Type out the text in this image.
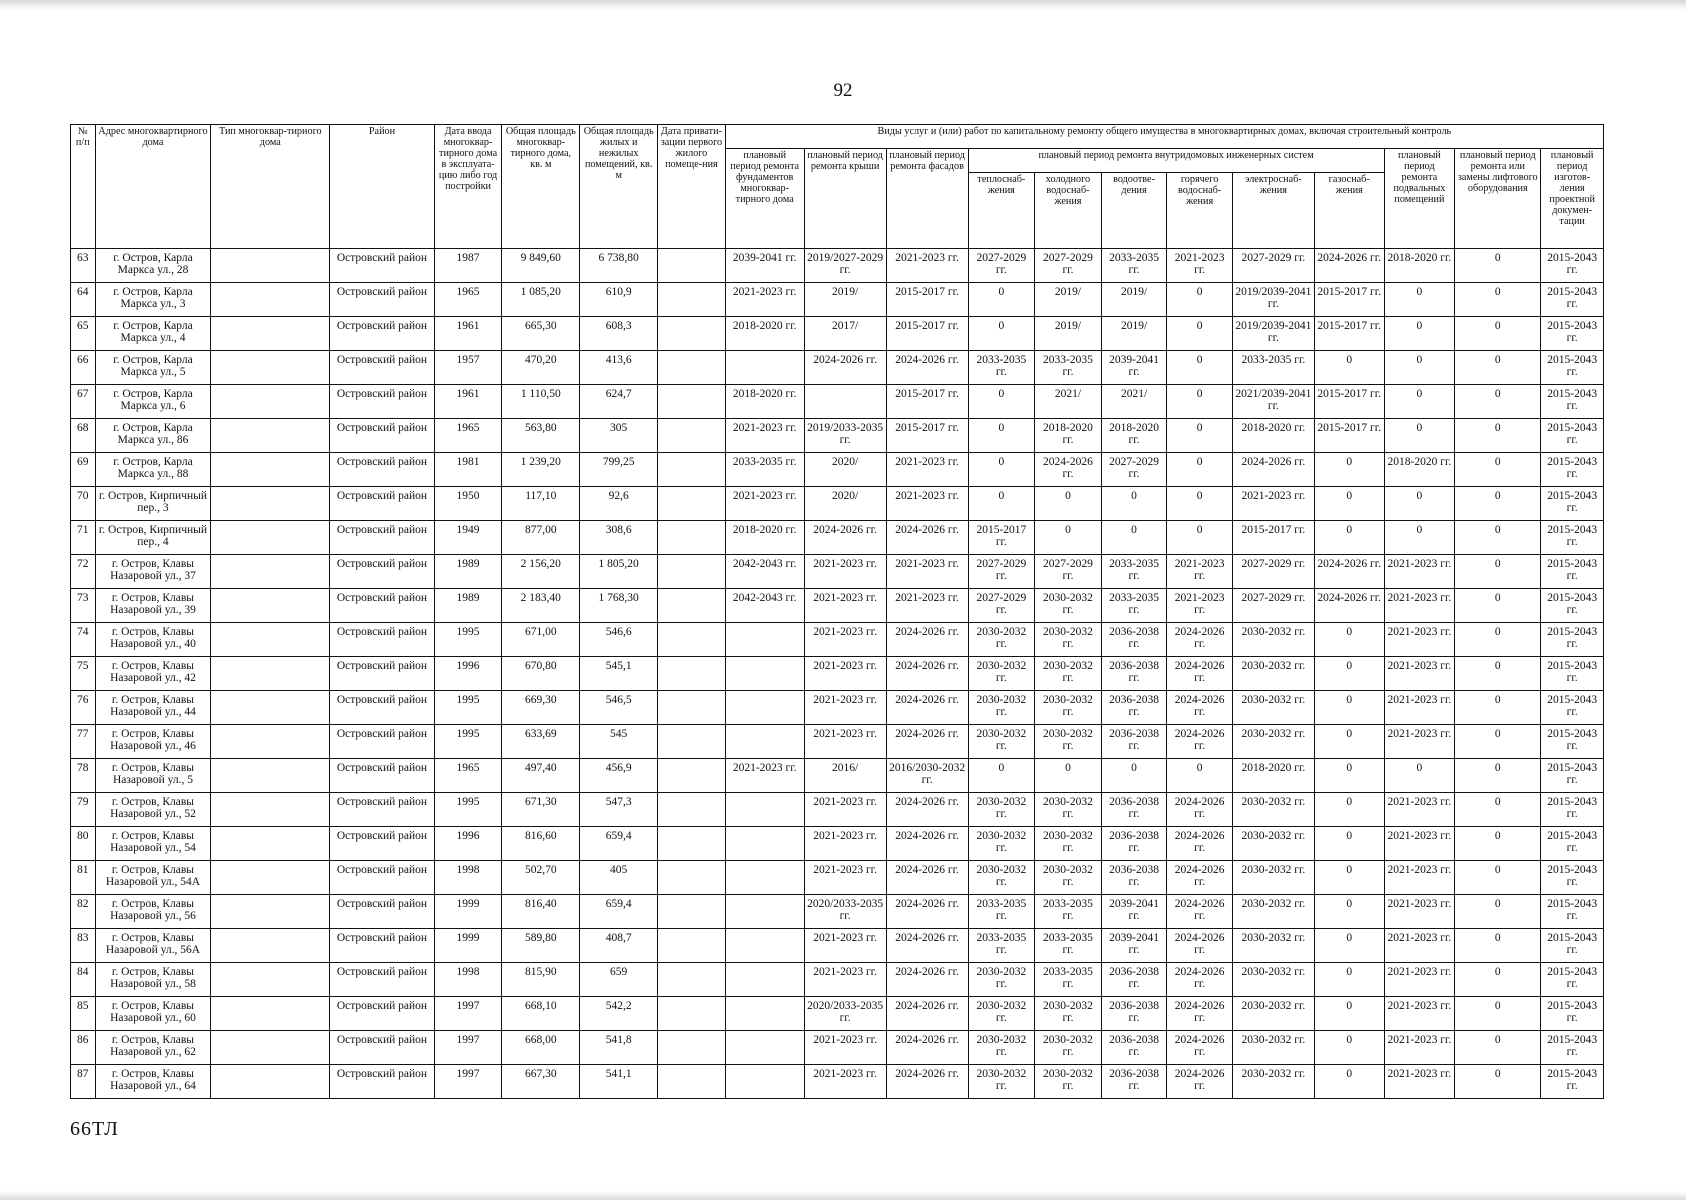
92
№ п/п	Адрес многоквартирного дома	Тип многоквар-тирного дома	Район	Дата ввода многоквар-тирного дома в эксплуата-цию либо год постройки	Общая площадь многоквар-тирного дома, кв. м	Общая площадь жилых и нежилых помещений, кв. м	Дата привати-зации первого жилого помеще-ния	Виды услуг и (или) работ по капитальному ремонту общего имущества в многоквартирных домах, включая строительный контроль											
								плановый период ремонта фундаментов многоквар-тирного дома	плановый период ремонта крыши	плановый период ремонта фасадов	плановый период ремонта внутридомовых инженерных систем						плановый период ремонта подвальных помещений	плановый период ремонта или замены лифтового оборудования	плановый период изготов-ления проектной докумен-тации
											теплоснаб-жения	холодного водоснаб-жения	водоотве-дения	горячего водоснаб-жения	электроснаб-жения	газоснаб-жения			
63	г. Остров, Карла Маркса ул., 28		Островский район	1987	9 849,60	6 738,80		2039-2041 гг.	2019/2027-2029 гг.	2021-2023 гг.	2027-2029 гг.	2027-2029 гг.	2033-2035 гг.	2021-2023 гг.	2027-2029 гг.	2024-2026 гг.	2018-2020 гг.	0	2015-2043 гг.
64	г. Остров, Карла Маркса ул., 3		Островский район	1965	1 085,20	610,9		2021-2023 гг.	2019/	2015-2017 гг.	0	2019/	2019/	0	2019/2039-2041 гг.	2015-2017 гг.	0	0	2015-2043 гг.
65	г. Остров, Карла Маркса ул., 4		Островский район	1961	665,30	608,3		2018-2020 гг.	2017/	2015-2017 гг.	0	2019/	2019/	0	2019/2039-2041 гг.	2015-2017 гг.	0	0	2015-2043 гг.
66	г. Остров, Карла Маркса ул., 5		Островский район	1957	470,20	413,6			2024-2026 гг.	2024-2026 гг.	2033-2035 гг.	2033-2035 гг.	2039-2041 гг.	0	2033-2035 гг.	0	0	0	2015-2043 гг.
67	г. Остров, Карла Маркса ул., 6		Островский район	1961	1 110,50	624,7		2018-2020 гг.		2015-2017 гг.	0	2021/	2021/	0	2021/2039-2041 гг.	2015-2017 гг.	0	0	2015-2043 гг.
68	г. Остров, Карла Маркса ул., 86		Островский район	1965	563,80	305		2021-2023 гг.	2019/2033-2035 гг.	2015-2017 гг.	0	2018-2020 гг.	2018-2020 гг.	0	2018-2020 гг.	2015-2017 гг.	0	0	2015-2043 гг.
69	г. Остров, Карла Маркса ул., 88		Островский район	1981	1 239,20	799,25		2033-2035 гг.	2020/	2021-2023 гг.	0	2024-2026 гг.	2027-2029 гг.	0	2024-2026 гг.	0	2018-2020 гг.	0	2015-2043 гг.
70	г. Остров, Кирпичный пер., 3		Островский район	1950	117,10	92,6		2021-2023 гг.	2020/	2021-2023 гг.	0	0	0	0	2021-2023 гг.	0	0	0	2015-2043 гг.
71	г. Остров, Кирпичный пер., 4		Островский район	1949	877,00	308,6		2018-2020 гг.	2024-2026 гг.	2024-2026 гг.	2015-2017 гг.	0	0	0	2015-2017 гг.	0	0	0	2015-2043 гг.
72	г. Остров, Клавы Назаровой ул., 37		Островский район	1989	2 156,20	1 805,20		2042-2043 гг.	2021-2023 гг.	2021-2023 гг.	2027-2029 гг.	2027-2029 гг.	2033-2035 гг.	2021-2023 гг.	2027-2029 гг.	2024-2026 гг.	2021-2023 гг.	0	2015-2043 гг.
73	г. Остров, Клавы Назаровой ул., 39		Островский район	1989	2 183,40	1 768,30		2042-2043 гг.	2021-2023 гг.	2021-2023 гг.	2027-2029 гг.	2030-2032 гг.	2033-2035 гг.	2021-2023 гг.	2027-2029 гг.	2024-2026 гг.	2021-2023 гг.	0	2015-2043 гг.
74	г. Остров, Клавы Назаровой ул., 40		Островский район	1995	671,00	546,6			2021-2023 гг.	2024-2026 гг.	2030-2032 гг.	2030-2032 гг.	2036-2038 гг.	2024-2026 гг.	2030-2032 гг.	0	2021-2023 гг.	0	2015-2043 гг.
75	г. Остров, Клавы Назаровой ул., 42		Островский район	1996	670,80	545,1			2021-2023 гг.	2024-2026 гг.	2030-2032 гг.	2030-2032 гг.	2036-2038 гг.	2024-2026 гг.	2030-2032 гг.	0	2021-2023 гг.	0	2015-2043 гг.
76	г. Остров, Клавы Назаровой ул., 44		Островский район	1995	669,30	546,5			2021-2023 гг.	2024-2026 гг.	2030-2032 гг.	2030-2032 гг.	2036-2038 гг.	2024-2026 гг.	2030-2032 гг.	0	2021-2023 гг.	0	2015-2043 гг.
77	г. Остров, Клавы Назаровой ул., 46		Островский район	1995	633,69	545			2021-2023 гг.	2024-2026 гг.	2030-2032 гг.	2030-2032 гг.	2036-2038 гг.	2024-2026 гг.	2030-2032 гг.	0	2021-2023 гг.	0	2015-2043 гг.
78	г. Остров, Клавы Назаровой ул., 5		Островский район	1965	497,40	456,9		2021-2023 гг.	2016/	2016/2030-2032 гг.	0	0	0	0	2018-2020 гг.	0	0	0	2015-2043 гг.
79	г. Остров, Клавы Назаровой ул., 52		Островский район	1995	671,30	547,3			2021-2023 гг.	2024-2026 гг.	2030-2032 гг.	2030-2032 гг.	2036-2038 гг.	2024-2026 гг.	2030-2032 гг.	0	2021-2023 гг.	0	2015-2043 гг.
80	г. Остров, Клавы Назаровой ул., 54		Островский район	1996	816,60	659,4			2021-2023 гг.	2024-2026 гг.	2030-2032 гг.	2030-2032 гг.	2036-2038 гг.	2024-2026 гг.	2030-2032 гг.	0	2021-2023 гг.	0	2015-2043 гг.
81	г. Остров, Клавы Назаровой ул., 54А		Островский район	1998	502,70	405			2021-2023 гг.	2024-2026 гг.	2030-2032 гг.	2030-2032 гг.	2036-2038 гг.	2024-2026 гг.	2030-2032 гг.	0	2021-2023 гг.	0	2015-2043 гг.
82	г. Остров, Клавы Назаровой ул., 56		Островский район	1999	816,40	659,4			2020/2033-2035 гг.	2024-2026 гг.	2033-2035 гг.	2033-2035 гг.	2039-2041 гг.	2024-2026 гг.	2030-2032 гг.	0	2021-2023 гг.	0	2015-2043 гг.
83	г. Остров, Клавы Назаровой ул., 56А		Островский район	1999	589,80	408,7			2021-2023 гг.	2024-2026 гг.	2033-2035 гг.	2033-2035 гг.	2039-2041 гг.	2024-2026 гг.	2030-2032 гг.	0	2021-2023 гг.	0	2015-2043 гг.
84	г. Остров, Клавы Назаровой ул., 58		Островский район	1998	815,90	659			2021-2023 гг.	2024-2026 гг.	2030-2032 гг.	2033-2035 гг.	2036-2038 гг.	2024-2026 гг.	2030-2032 гг.	0	2021-2023 гг.	0	2015-2043 гг.
85	г. Остров, Клавы Назаровой ул., 60		Островский район	1997	668,10	542,2			2020/2033-2035 гг.	2024-2026 гг.	2030-2032 гг.	2030-2032 гг.	2036-2038 гг.	2024-2026 гг.	2030-2032 гг.	0	2021-2023 гг.	0	2015-2043 гг.
86	г. Остров, Клавы Назаровой ул., 62		Островский район	1997	668,00	541,8			2021-2023 гг.	2024-2026 гг.	2030-2032 гг.	2030-2032 гг.	2036-2038 гг.	2024-2026 гг.	2030-2032 гг.	0	2021-2023 гг.	0	2015-2043 гг.
87	г. Остров, Клавы Назаровой ул., 64		Островский район	1997	667,30	541,1			2021-2023 гг.	2024-2026 гг.	2030-2032 гг.	2030-2032 гг.	2036-2038 гг.	2024-2026 гг.	2030-2032 гг.	0	2021-2023 гг.	0	2015-2043 гг.
66ТЛ
